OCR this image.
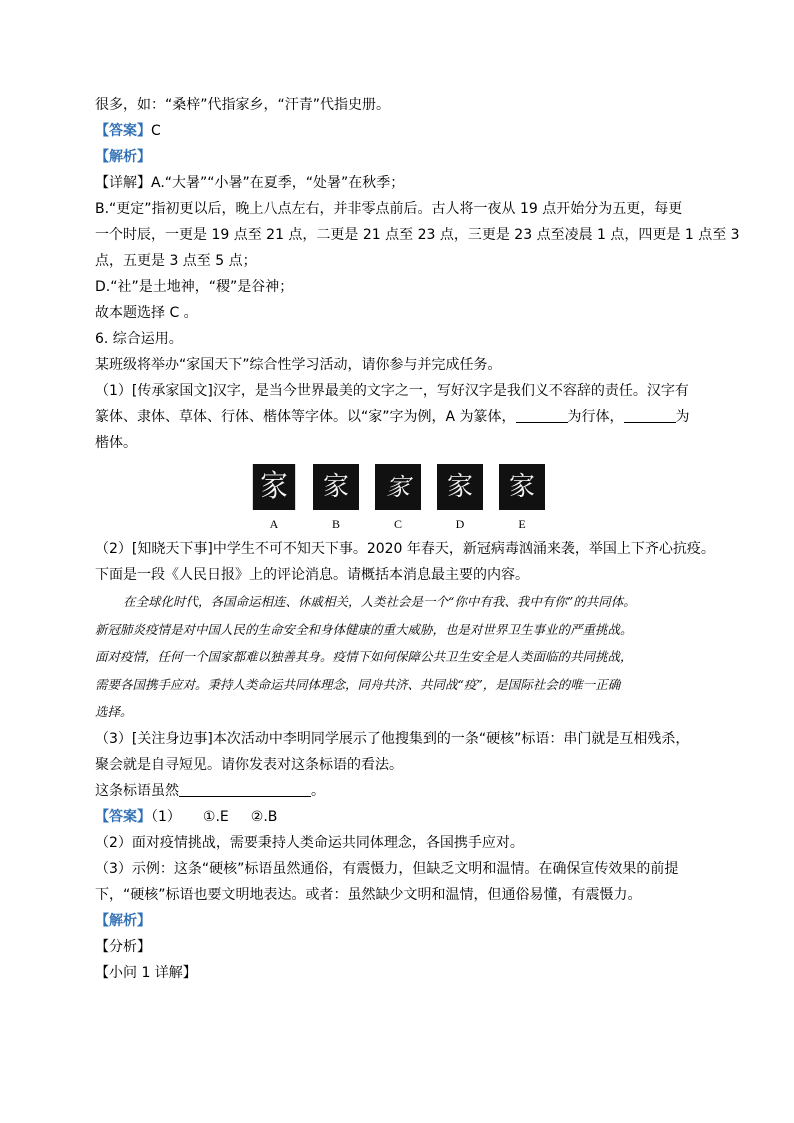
很多，如：“桑梓”代指家乡，“汗青”代指史册。
【答案】C
【解析】
【详解】A.“大暑”“小暑”在夏季，“处暑”在秋季；
B.“更定”指初更以后，晚上八点左右，并非零点前后。古人将一夜从 19 点开始分为五更，每更
一个时辰，一更是 19 点至 21 点，二更是 21 点至 23 点，三更是 23 点至凌晨 1 点，四更是 1 点至 3
点，五更是 3 点至 5 点；
D.“社”是土地神，“稷”是谷神；
故本题选择 C 。
6. 综合运用。
某班级将举办“家国天下”综合性学习活动，请你参与并完成任务。
（1）[传承家国文]汉字，是当今世界最美的文字之一，写好汉字是我们义不容辞的责任。汉字有
篆体、隶体、草体、行体、楷体等字体。以“家”字为例，A 为篆体，	为行体，	为
楷体。
家
A
家
B
家
C
家
D
家
E
（2）[知晓天下事]中学生不可不知天下事。2020 年春天，新冠病毒汹涌来袭，举国上下齐心抗疫。
下面是一段《人民日报》上的评论消息。请概括本消息最主要的内容。
在全球化时代，各国命运相连、休戚相关，人类社会是一个“你中有我、我中有你”的共同体。
新冠肺炎疫情是对中国人民的生命安全和身体健康的重大威胁，也是对世界卫生事业的严重挑战。
面对疫情，任何一个国家都难以独善其身。疫情下如何保障公共卫生安全是人类面临的共同挑战，
需要各国携手应对。秉持人类命运共同体理念，同舟共济、共同战“疫”，是国际社会的唯一正确
选择。
（3）[关注身边事]本次活动中李明同学展示了他搜集到的一条“硬核”标语：串门就是互相残杀，
聚会就是自寻短见。请你发表对这条标语的看法。
这条标语虽然	。
【答案】（1） ①.E ②.B
（2）面对疫情挑战，需要秉持人类命运共同体理念，各国携手应对。
（3）示例：这条“硬核”标语虽然通俗，有震慑力，但缺乏文明和温情。在确保宣传效果的前提
下，“硬核”标语也要文明地表达。或者：虽然缺少文明和温情，但通俗易懂，有震慑力。
【解析】
【分析】
【小问 1 详解】
